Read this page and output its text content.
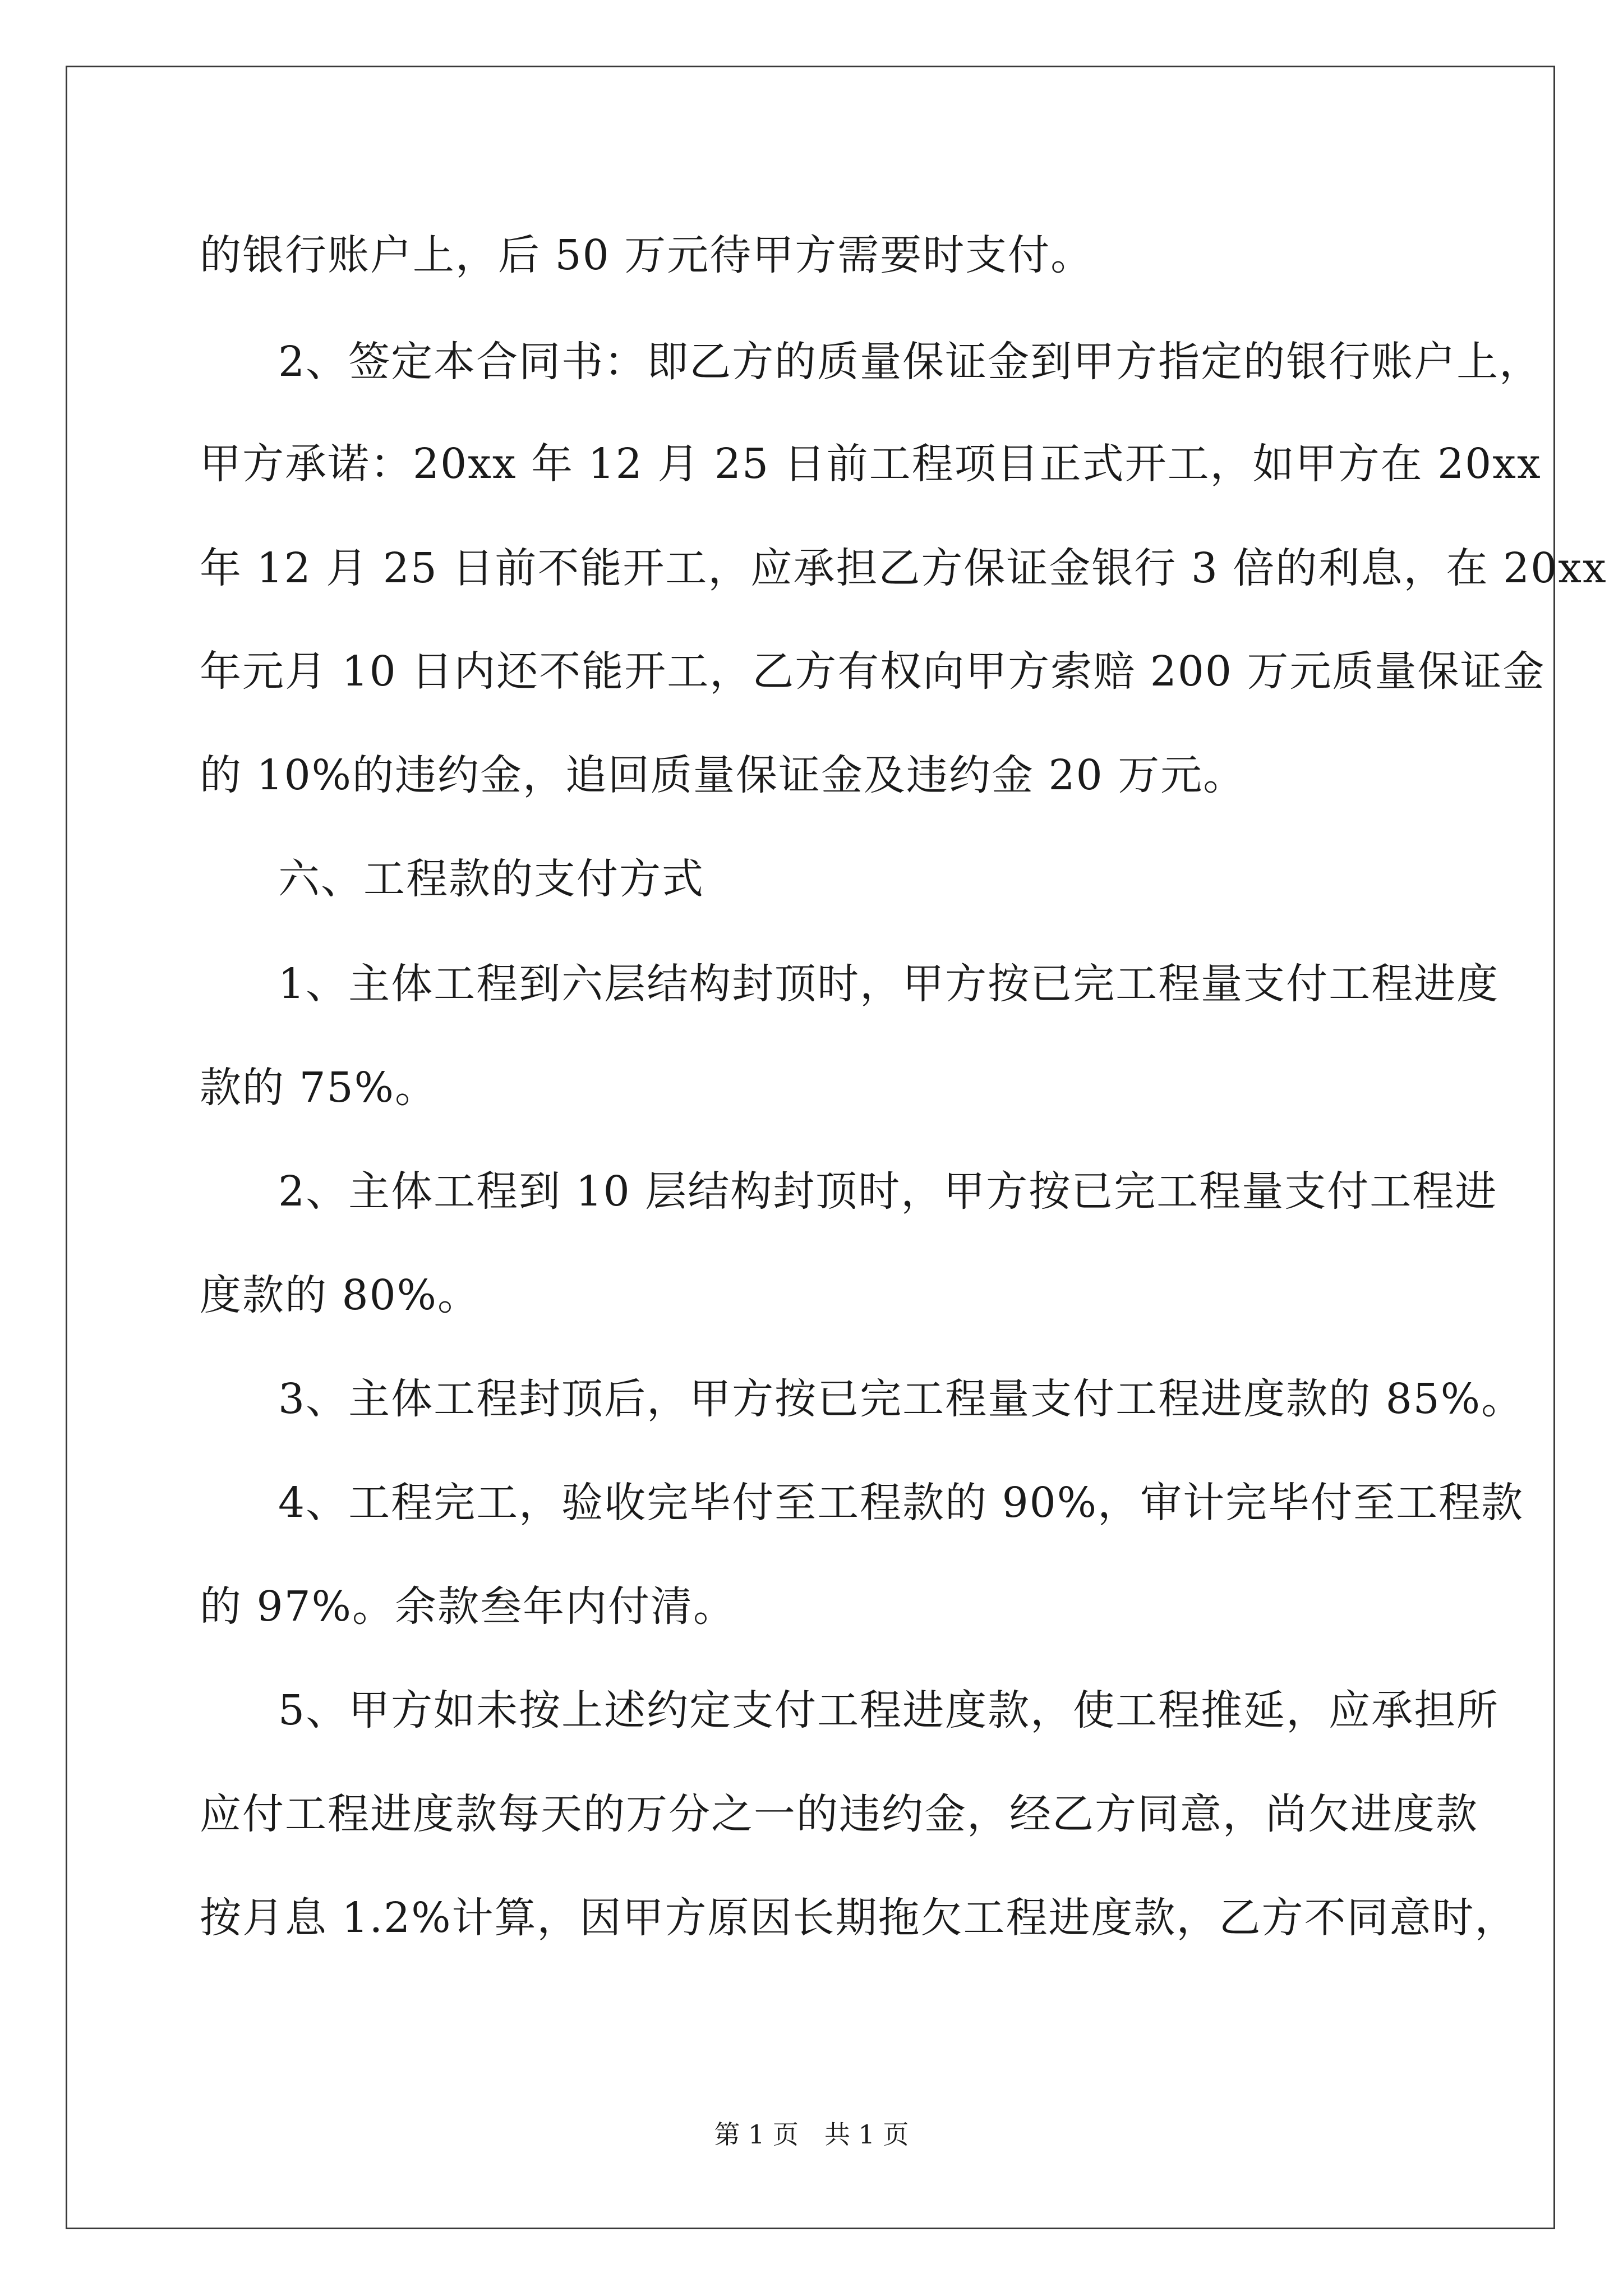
的银行账户上，后 50 万元待甲方需要时支付。
2、签定本合同书：即乙方的质量保证金到甲方指定的银行账户上，
甲方承诺：20xx 年 12 月 25 日前工程项目正式开工，如甲方在 20xx
年 12 月 25 日前不能开工，应承担乙方保证金银行 3 倍的利息，在 20xx
年元月 10 日内还不能开工，乙方有权向甲方索赔 200 万元质量保证金
的 10%的违约金，追回质量保证金及违约金 20 万元。
六、工程款的支付方式
1、主体工程到六层结构封顶时，甲方按已完工程量支付工程进度
款的 75%。
2、主体工程到 10 层结构封顶时，甲方按已完工程量支付工程进
度款的 80%。
3、主体工程封顶后，甲方按已完工程量支付工程进度款的 85%。
4、工程完工，验收完毕付至工程款的 90%，审计完毕付至工程款
的 97%。余款叁年内付清。
5、甲方如未按上述约定支付工程进度款，使工程推延，应承担所
应付工程进度款每天的万分之一的违约金，经乙方同意，尚欠进度款
按月息 1.2%计算，因甲方原因长期拖欠工程进度款，乙方不同意时，
第 1 页　共 1 页
